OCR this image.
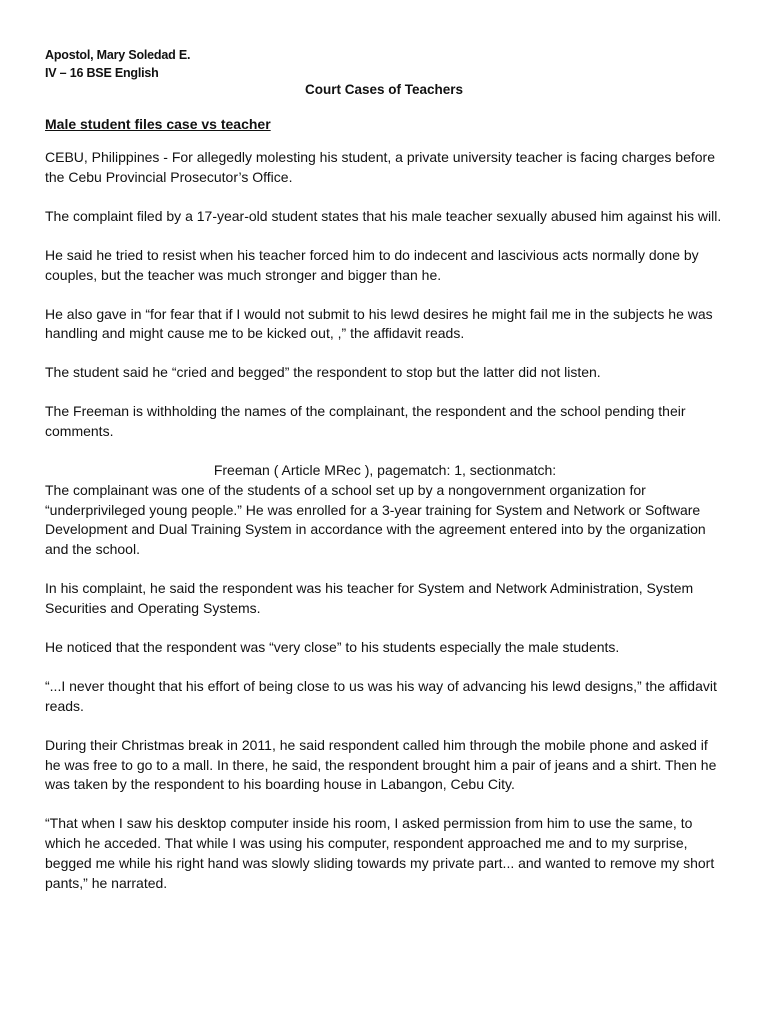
Apostol, Mary Soledad E.
IV – 16 BSE English
Court Cases of Teachers
Male student files case vs teacher

CEBU, Philippines - For allegedly molesting his student, a private university teacher is facing charges before the Cebu Provincial Prosecutor’s Office.

The complaint filed by a 17-year-old student states that his male teacher sexually abused him against his will.

He said he tried to resist when his teacher forced him to do indecent and lascivious acts normally done by couples, but the teacher was much stronger and bigger than he.

He also gave in “for fear that if I would not submit to his lewd desires he might fail me in the subjects he was handling and might cause me to be kicked out, ,” the affidavit reads.

The student said he “cried and begged” the respondent to stop but the latter did not listen.

The Freeman is withholding the names of the complainant, the respondent and the school pending their comments.

Freeman ( Article MRec ), pagematch: 1, sectionmatch:

The complainant was one of the students of a school set up by a nongovernment organization for “underprivileged young people.” He was enrolled for a 3-year training for System and Network or Software Development and Dual Training System in accordance with the agreement entered into by the organization and the school.

In his complaint, he said the respondent was his teacher for System and Network Administration, System Securities and Operating Systems.

He noticed that the respondent was “very close” to his students especially the male students.

“...I never thought that his effort of being close to us was his way of advancing his lewd designs,” the affidavit reads.

During their Christmas break in 2011, he said respondent called him through the mobile phone and asked if he was free to go to a mall. In there, he said, the respondent brought him a pair of jeans and a shirt. Then he was taken by the respondent to his boarding house in Labangon, Cebu City.

“That when I saw his desktop computer inside his room, I asked permission from him to use the same, to which he acceded. That while I was using his computer, respondent approached me and to my surprise, begged me while his right hand was slowly sliding towards my private part... and wanted to remove my short pants,” he narrated.
